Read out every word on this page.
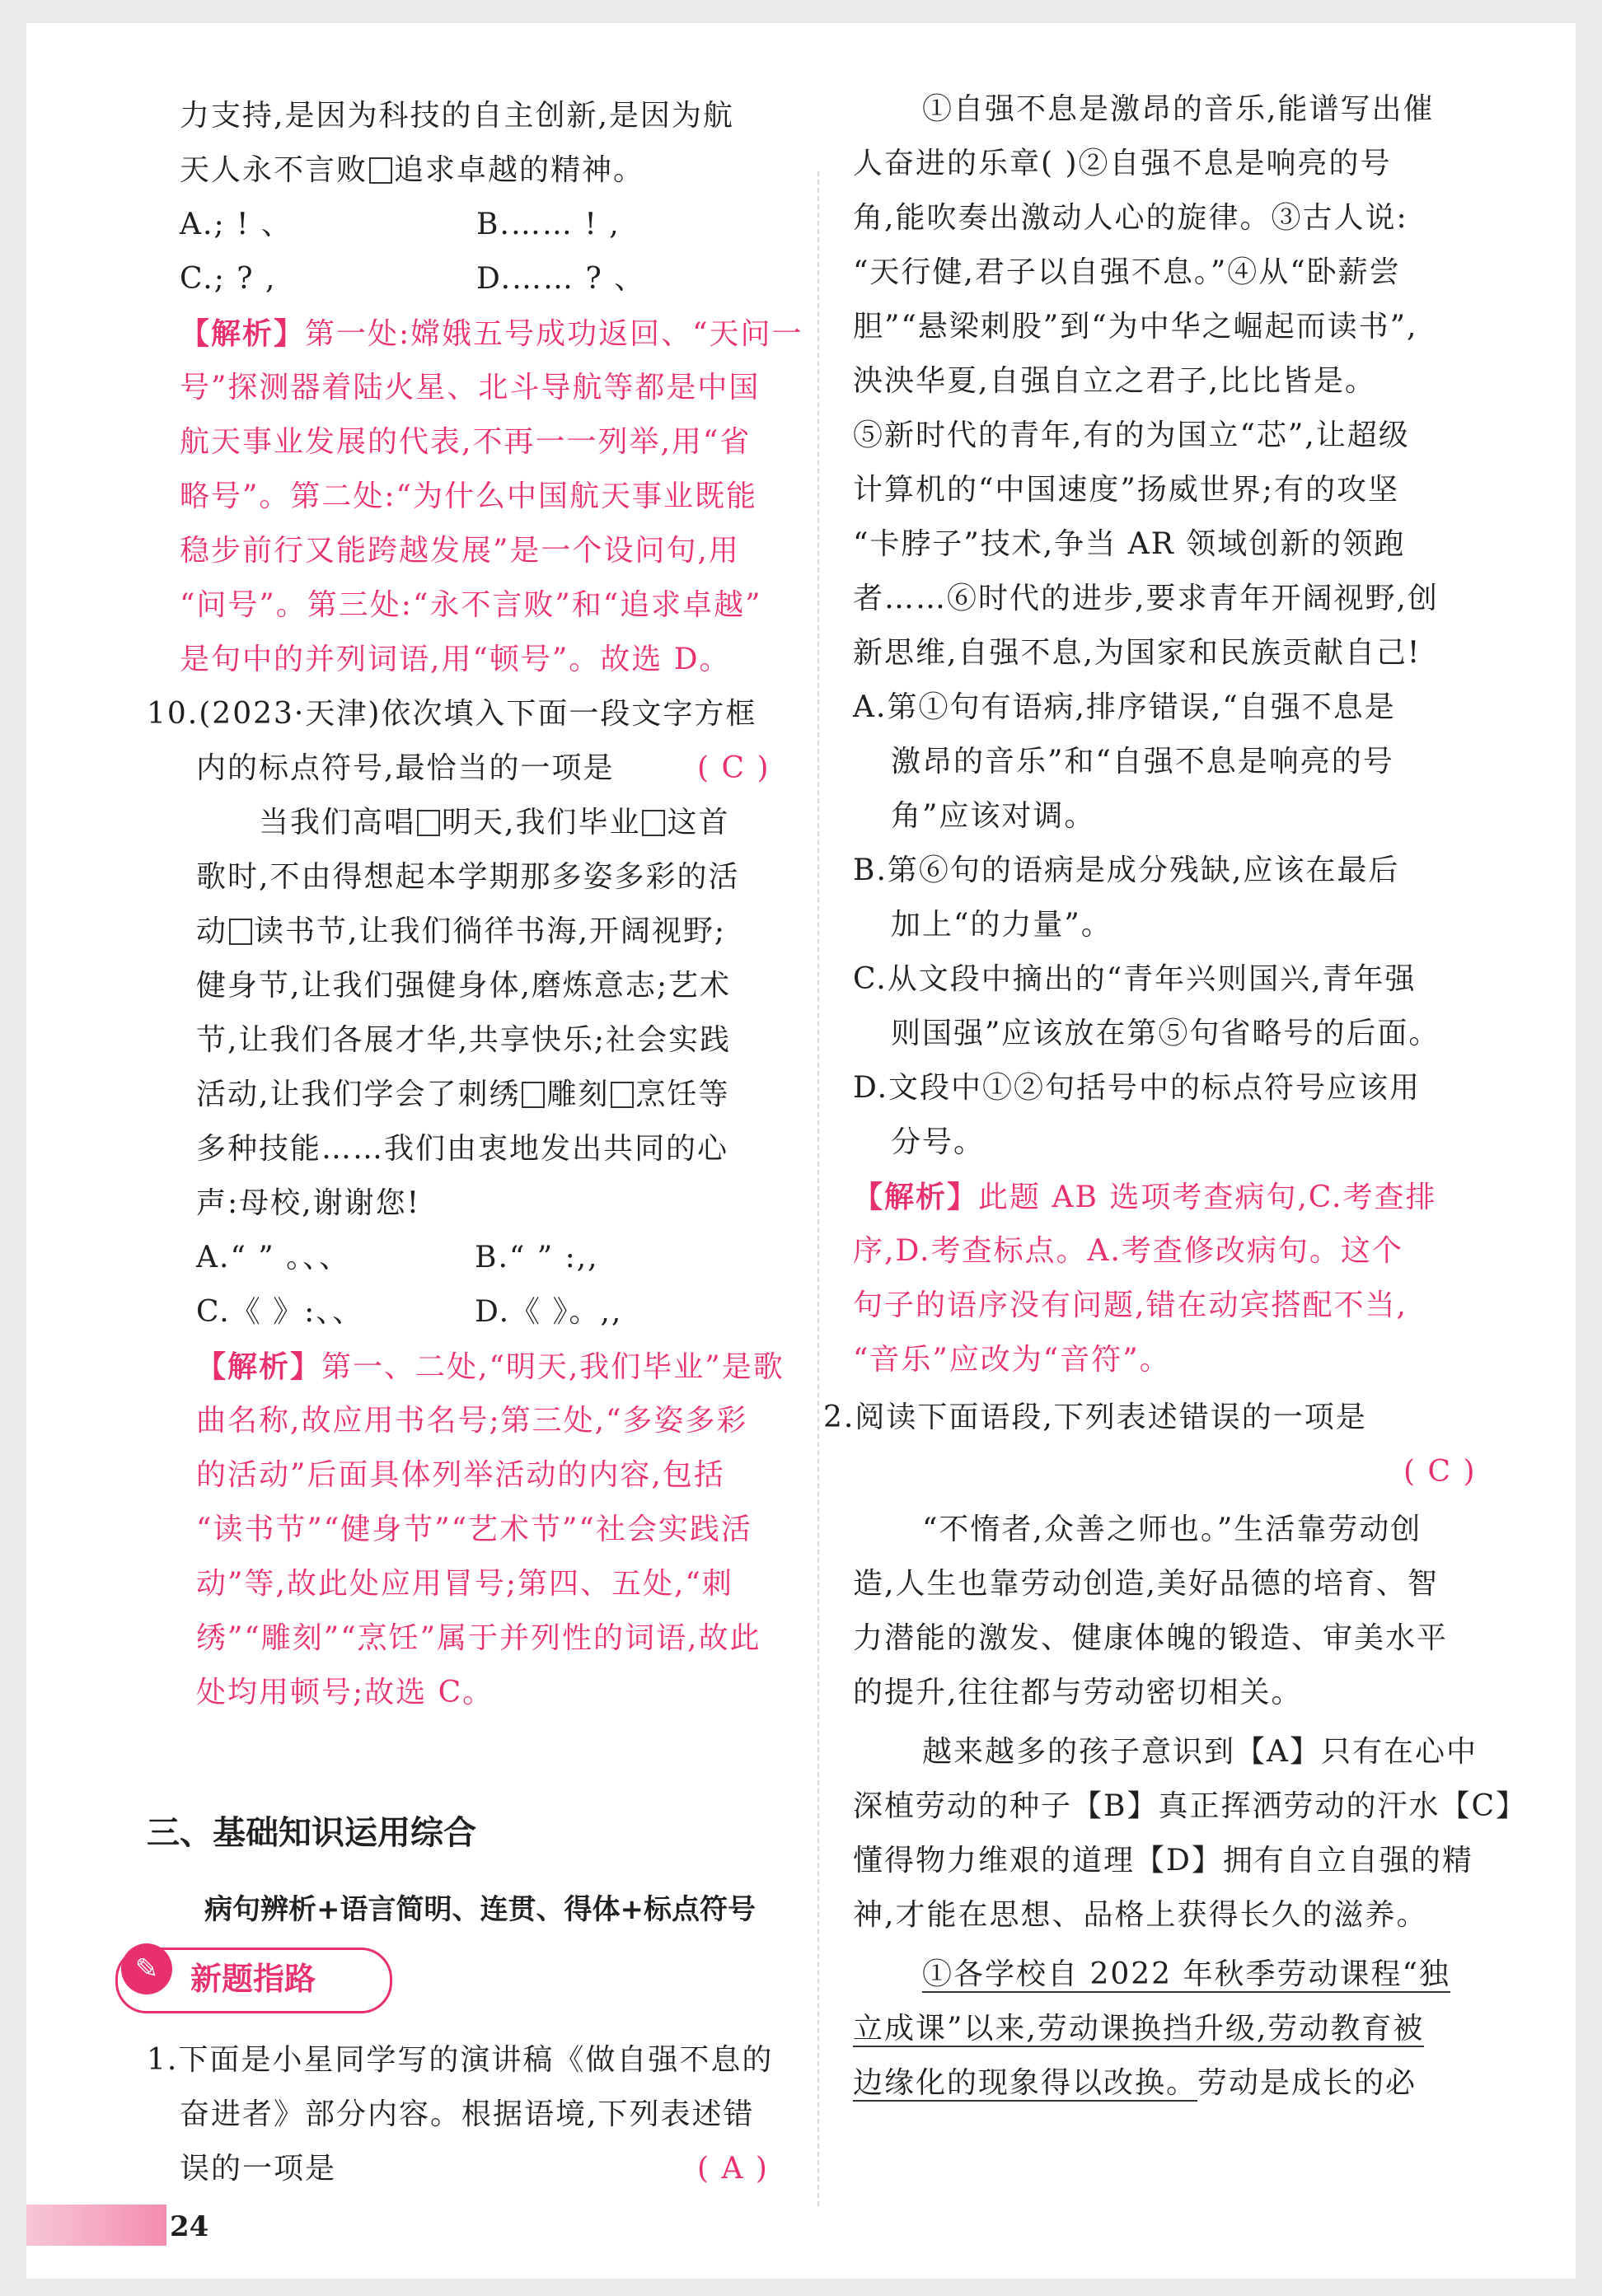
力支持,是因为科技的自主创新,是因为航
天人永不言败 追求卓越的精神。
A.; ! 、	B.…… ! ,
C.; ? ,	D.…… ? 、
【解析】第一处:嫦娥五号成功返回、“天问一
号”探测器着陆火星、北斗导航等都是中国
航天事业发展的代表,不再一一列举,用“省
略号”。第二处:“为什么中国航天事业既能
稳步前行又能跨越发展”是一个设问句,用
“问号”。第三处:“永不言败”和“追求卓越”
是句中的并列词语,用“顿号”。故选 D。
10.(2023·天津)依次填入下面一段文字方框
内的标点符号,最恰当的一项是	( C )
当我们高唱 明天,我们毕业 这首
歌时,不由得想起本学期那多姿多彩的活
动 读书节,让我们徜徉书海,开阔视野;
健身节,让我们强健身体,磨炼意志;艺术
节,让我们各展才华,共享快乐;社会实践
活动,让我们学会了刺绣 雕刻 烹饪等
多种技能……我们由衷地发出共同的心
声:母校,谢谢您!
A.“ ” 。、、	B.“ ” :,,
C.《 》:、、	D.《 》。,,
【解析】第一、二处,“明天,我们毕业”是歌
曲名称,故应用书名号;第三处,“多姿多彩
的活动”后面具体列举活动的内容,包括
“读书节”“健身节”“艺术节”“社会实践活
动”等,故此处应用冒号;第四、五处,“刺
绣”“雕刻”“烹饪”属于并列性的词语,故此
处均用顿号;故选 C。
三、基础知识运用综合
病句辨析+语言简明、连贯、得体+标点符号
✎	新题指路
1.下面是小星同学写的演讲稿《做自强不息的
奋进者》部分内容。根据语境,下列表述错
误的一项是	( A )
①自强不息是激昂的音乐,能谱写出催
人奋进的乐章( )②自强不息是响亮的号
角,能吹奏出激动人心的旋律。③古人说:
“天行健,君子以自强不息。”④从“卧薪尝
胆”“悬梁刺股”到“为中华之崛起而读书”,
泱泱华夏,自强自立之君子,比比皆是。
⑤新时代的青年,有的为国立“芯”,让超级
计算机的“中国速度”扬威世界;有的攻坚
“卡脖子”技术,争当 AR 领域创新的领跑
者……⑥时代的进步,要求青年开阔视野,创
新思维,自强不息,为国家和民族贡献自己!
A.第①句有语病,排序错误,“自强不息是
激昂的音乐”和“自强不息是响亮的号
角”应该对调。
B.第⑥句的语病是成分残缺,应该在最后
加上“的力量”。
C.从文段中摘出的“青年兴则国兴,青年强
则国强”应该放在第⑤句省略号的后面。
D.文段中①②句括号中的标点符号应该用
分号。
【解析】此题 AB 选项考查病句,C.考查排
序,D.考查标点。A.考查修改病句。这个
句子的语序没有问题,错在动宾搭配不当,
“音乐”应改为“音符”。
2.阅读下面语段,下列表述错误的一项是
( C )
“不惰者,众善之师也。”生活靠劳动创
造,人生也靠劳动创造,美好品德的培育、智
力潜能的激发、健康体魄的锻造、审美水平
的提升,往往都与劳动密切相关。
越来越多的孩子意识到【A】只有在心中
深植劳动的种子【B】真正挥洒劳动的汗水【C】
懂得物力维艰的道理【D】拥有自立自强的精
神,才能在思想、品格上获得长久的滋养。
①各学校自 2022 年秋季劳动课程“独
立成课”以来,劳动课换挡升级,劳动教育被
边缘化的现象得以改换。劳动是成长的必
24
